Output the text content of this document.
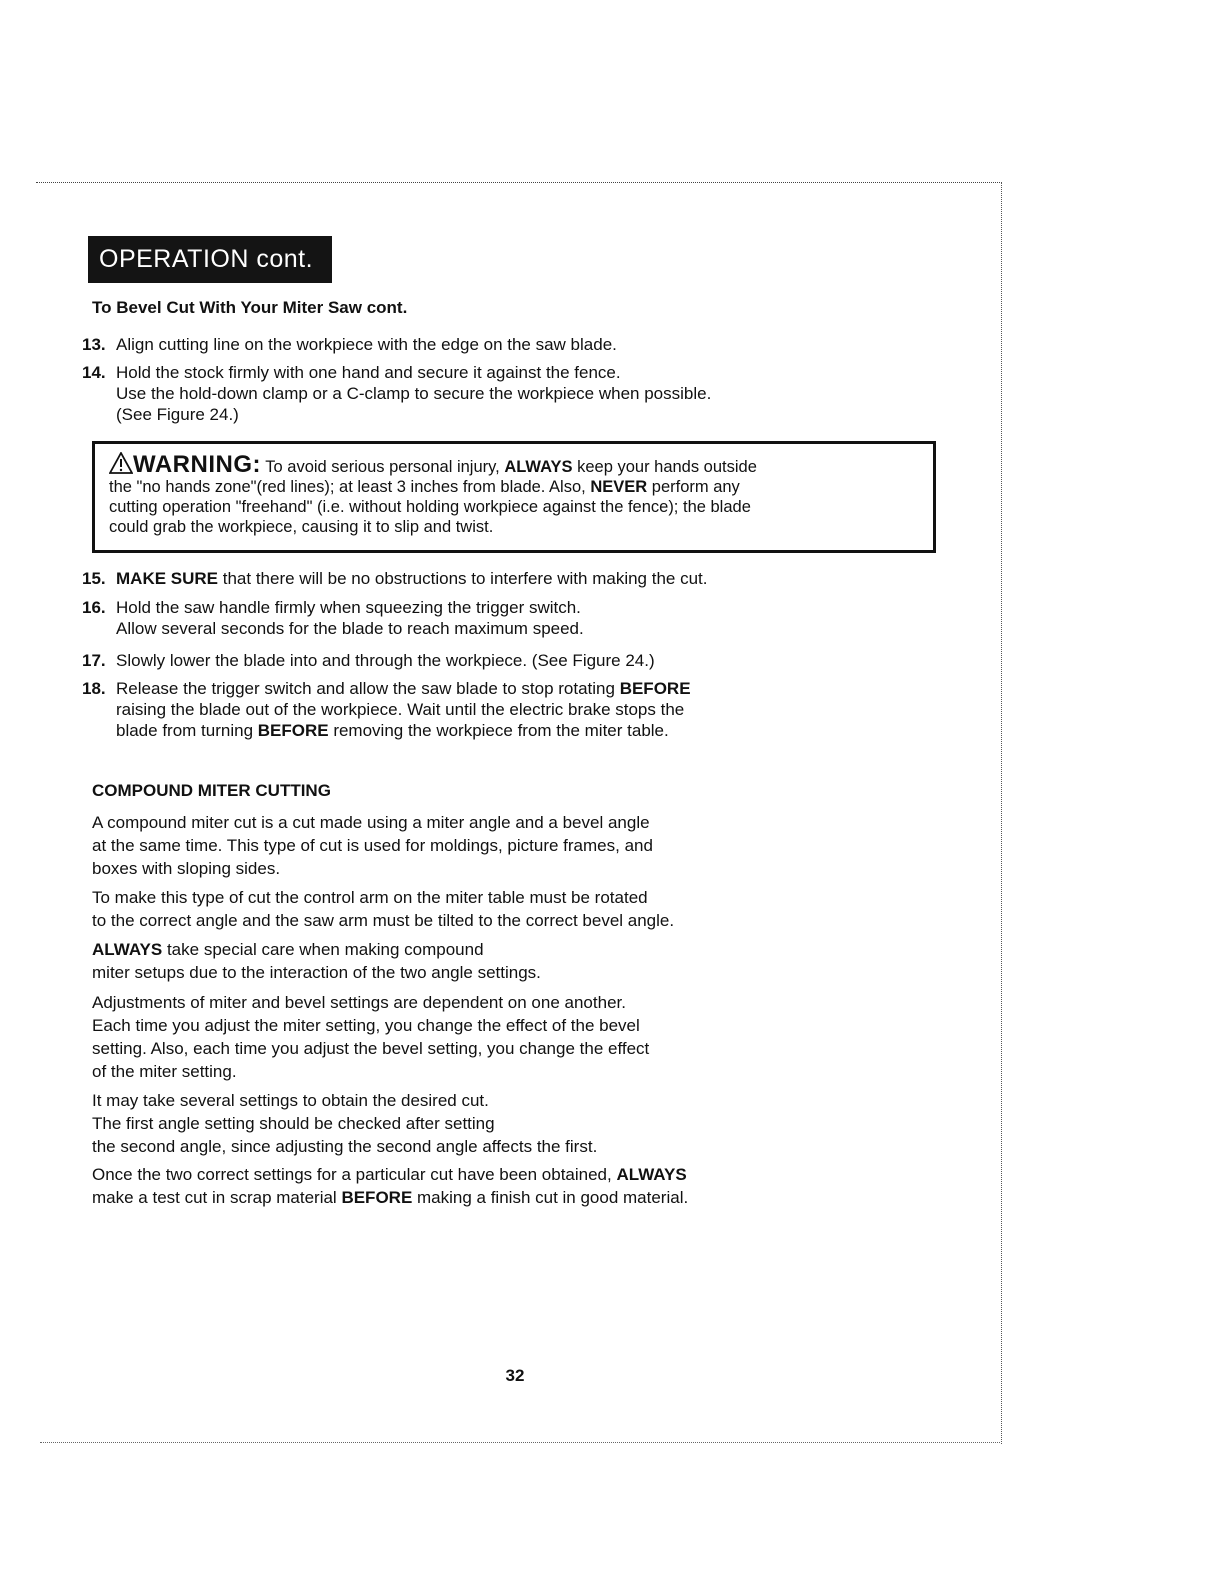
OPERATION cont.
To Bevel Cut With Your Miter Saw cont.
13. Align cutting line on the workpiece with the edge on the saw blade.
14. Hold the stock firmly with one hand and secure it against the fence.
Use the hold-down clamp or a C-clamp to secure the workpiece when possible.
(See Figure 24.)
WARNING: To avoid serious personal injury, ALWAYS keep your hands outside
the "no hands zone"(red lines); at least 3 inches from blade. Also, NEVER perform any
cutting operation "freehand" (i.e. without holding workpiece against the fence); the blade
could grab the workpiece, causing it to slip and twist.
15. MAKE SURE that there will be no obstructions to interfere with making the cut.
16. Hold the saw handle firmly when squeezing the trigger switch.
Allow several seconds for the blade to reach maximum speed.
17. Slowly lower the blade into and through the workpiece. (See Figure 24.)
18. Release the trigger switch and allow the saw blade to stop rotating BEFORE
raising the blade out of the workpiece. Wait until the electric brake stops the
blade from turning BEFORE removing the workpiece from the miter table.
COMPOUND MITER CUTTING
A compound miter cut is a cut made using a miter angle and a bevel angle
at the same time. This type of cut is used for moldings, picture frames, and
boxes with sloping sides.
To make this type of cut the control arm on the miter table must be rotated
to the correct angle and the saw arm must be tilted to the correct bevel angle.
ALWAYS take special care when making compound
miter setups due to the interaction of the two angle settings.
Adjustments of miter and bevel settings are dependent on one another.
Each time you adjust the miter setting, you change the effect of the bevel
setting. Also, each time you adjust the bevel setting, you change the effect
of the miter setting.
It may take several settings to obtain the desired cut.
The first angle setting should be checked after setting
the second angle, since adjusting the second angle affects the first.
Once the two correct settings for a particular cut have been obtained, ALWAYS
make a test cut in scrap material BEFORE making a finish cut in good material.
32
